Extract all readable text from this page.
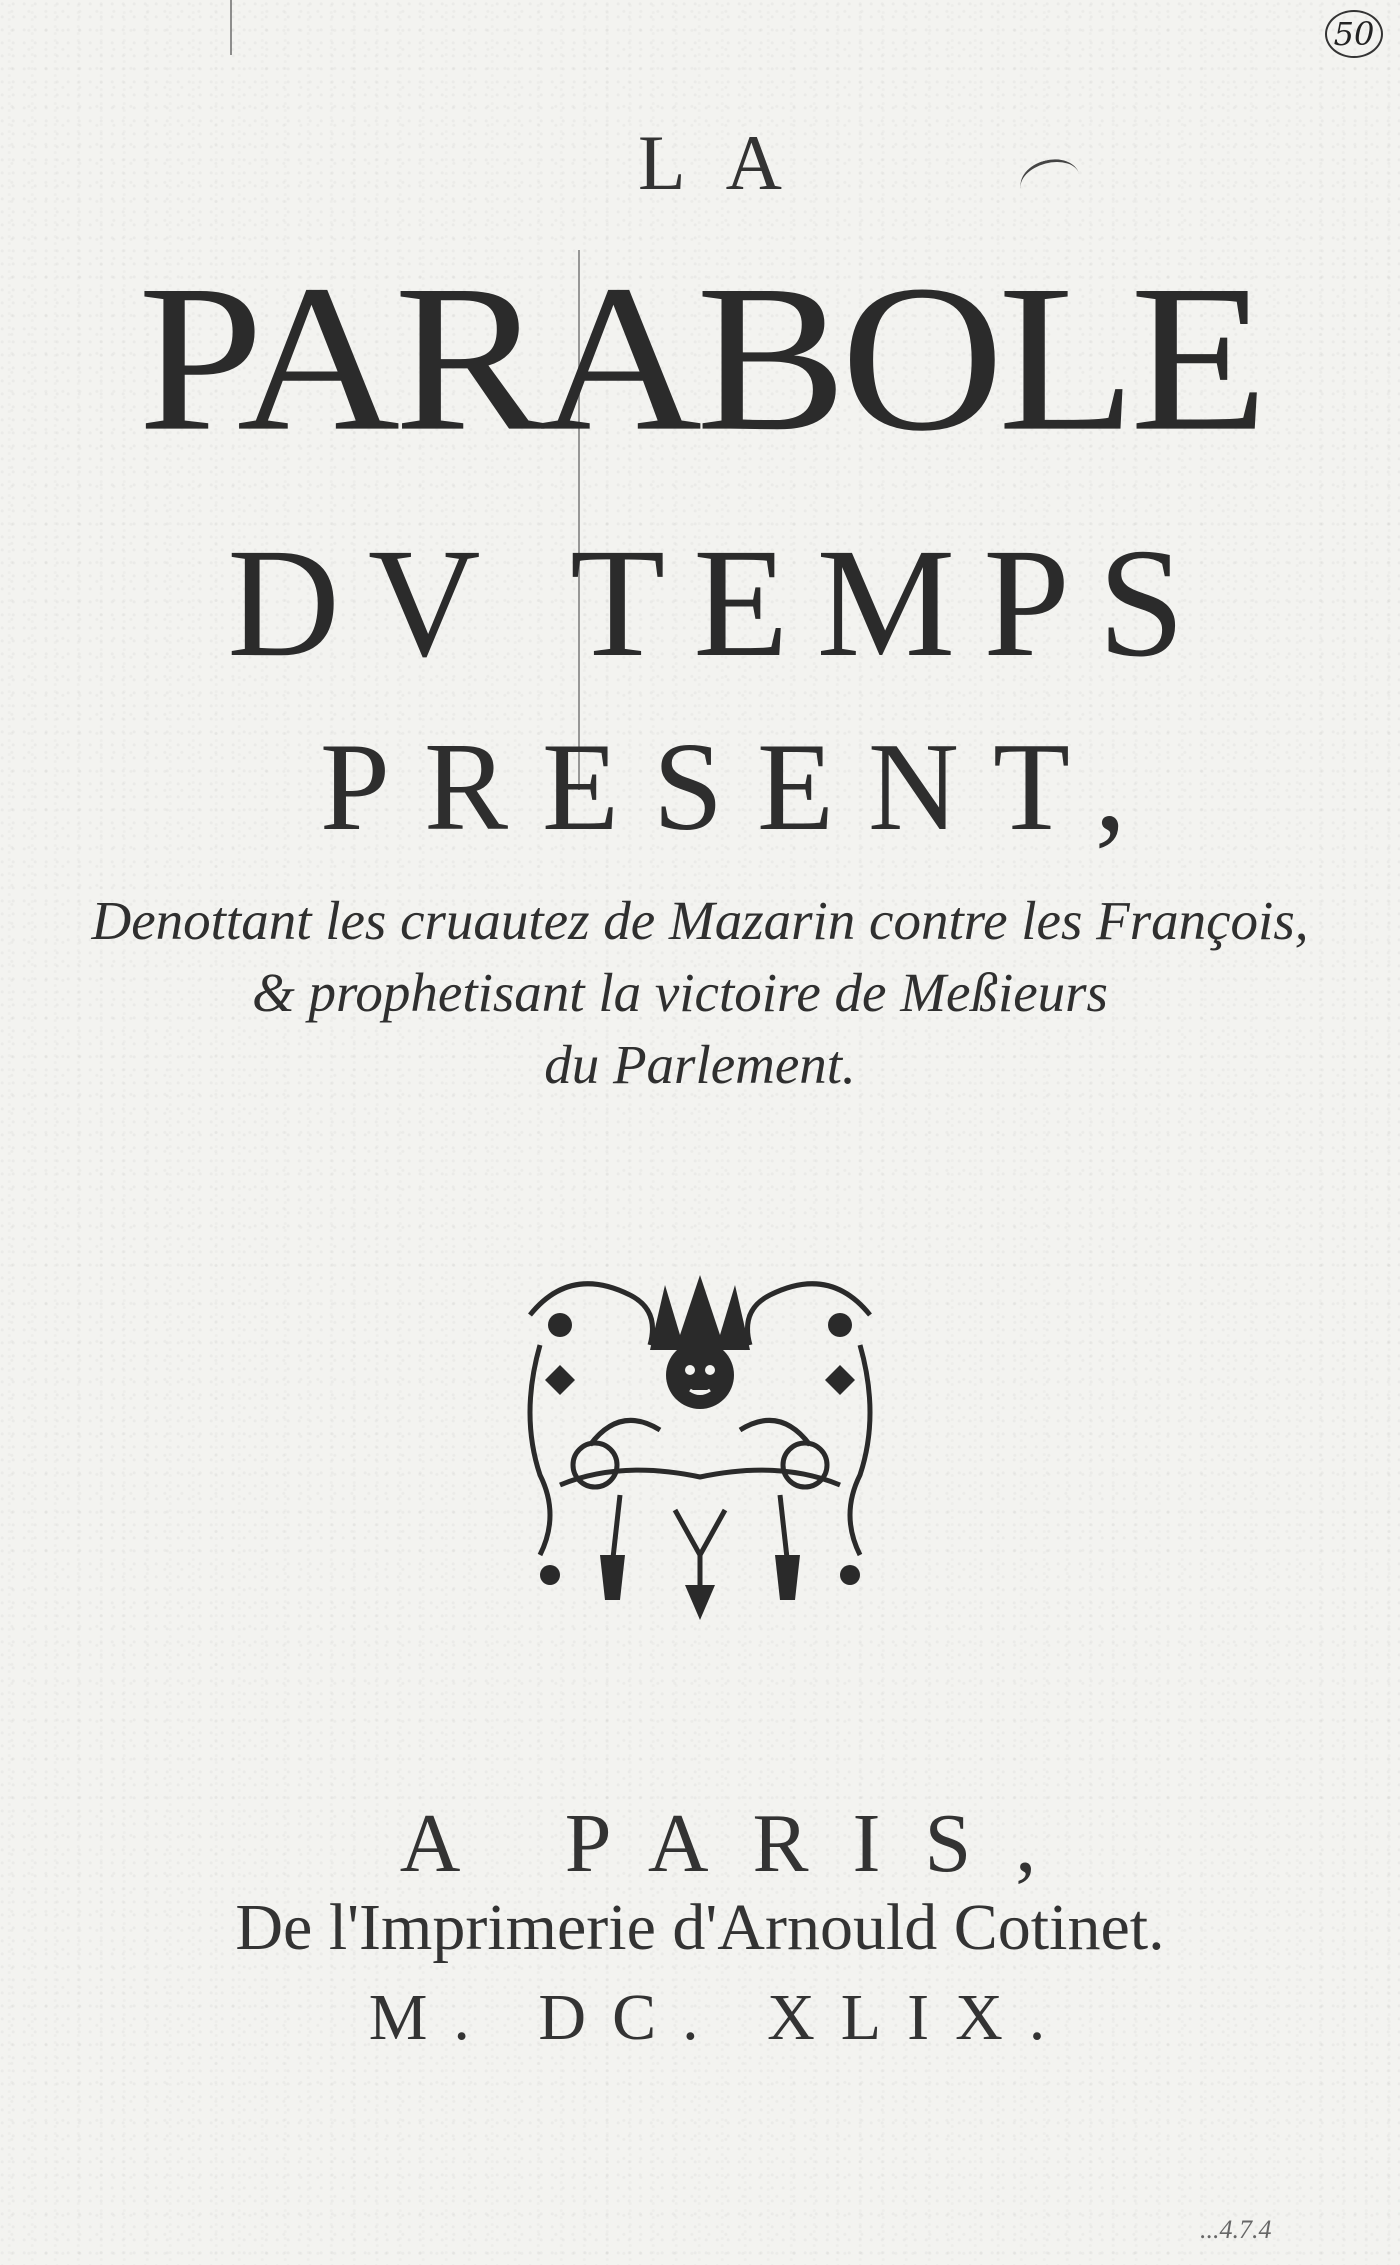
50
LA
PARABOLE
DV TEMPS
PRESENT,
Denottant les cruautez de Mazarin contre les François,
& prophetisant la victoire de Meßieurs
du Parlement.
A PARIS,
De l'Imprimerie d'Arnould Cotinet.
M. DC. XLIX.
...4.7.4
